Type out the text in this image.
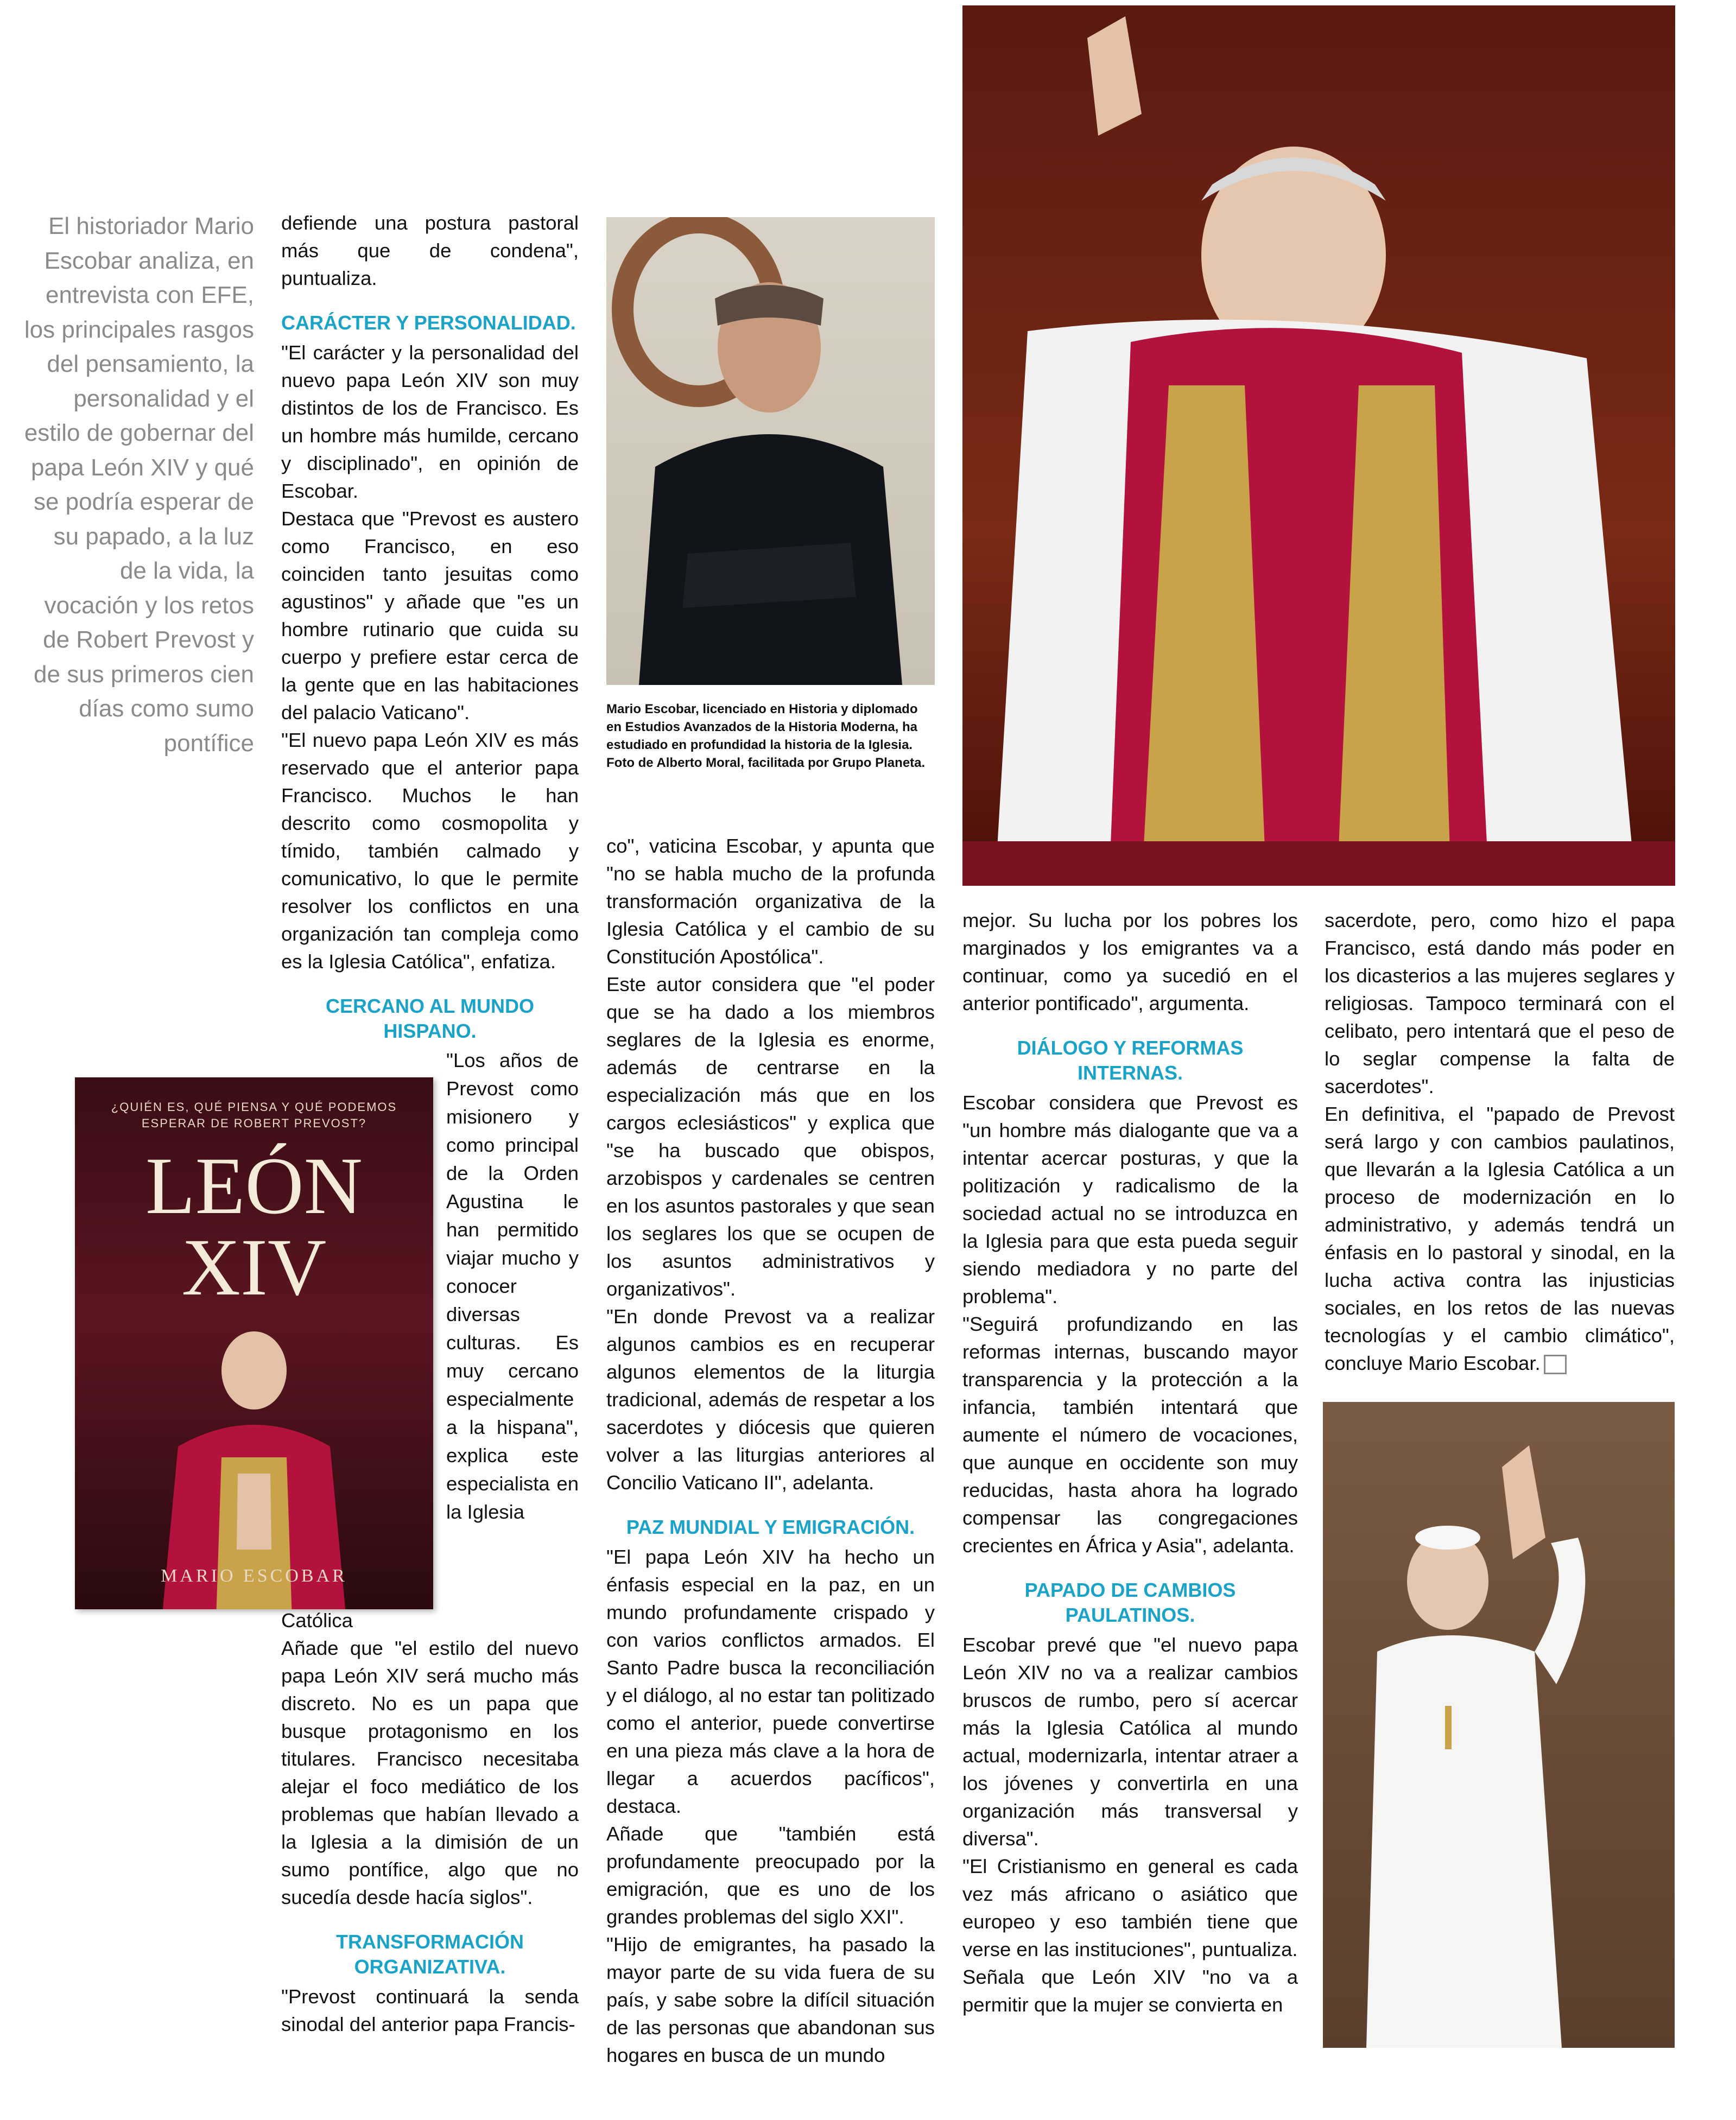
El historiador Mario Escobar analiza, en entrevista con EFE, los principales rasgos del pensamiento, la personalidad y el estilo de gobernar del papa León XIV y qué se podría esperar de su papado, a la luz de la vida, la vocación y los retos de Robert Prevost y de sus primeros cien días como sumo pontífice

defiende una postura pastoral más que de condena", puntualiza.

CARÁCTER Y PERSONALIDAD.

"El carácter y la personalidad del nuevo papa León XIV son muy distintos de los de Francisco. Es un hombre más humilde, cercano y disciplinado", en opinión de Escobar.

Destaca que "Prevost es austero como Francisco, en eso coinciden tanto jesuitas como agustinos" y añade que "es un hombre rutinario que cuida su cuerpo y prefiere estar cerca de la gente que en las habitaciones del palacio Vaticano".

"El nuevo papa León XIV es más reservado que el anterior papa Francisco. Muchos le han descrito como cosmopolita y tímido, también calmado y comunicativo, lo que le permite resolver los conflictos en una organización tan compleja como es la Iglesia Católica", enfatiza.

CERCANO AL MUNDO HISPANO.

"Los años de Prevost como misionero y como principal de la Orden Agustina le han permitido viajar mucho y conocer diversas culturas. Es muy cercano especialmente a la hispana", explica este especialista en la Iglesia

Católica

Añade que "el estilo del nuevo papa León XIV será mucho más discreto. No es un papa que busque protagonismo en los titulares. Francisco necesitaba alejar el foco mediático de los problemas que habían llevado a la Iglesia a la dimisión de un sumo pontífice, algo que no sucedía desde hacía siglos".

TRANSFORMACIÓN ORGANIZATIVA.

"Prevost continuará la senda sinodal del anterior papa Francis-

¿QUIÉN ES, QUÉ PIENSA Y QUÉ PODEMOS ESPERAR DE ROBERT PREVOST?
LEÓN
XIV
MARIO ESCOBAR
Mario Escobar, licenciado en Historia y diplomado en Estudios Avanzados de la Historia Moderna, ha estudiado en profundidad la historia de la Iglesia. Foto de Alberto Moral, facilitada por Grupo Planeta.

co", vaticina Escobar, y apunta que "no se habla mucho de la profunda transformación organizativa de la Iglesia Católica y el cambio de su Constitución Apostólica".

Este autor considera que "el poder que se ha dado a los miembros seglares de la Iglesia es enorme, además de centrarse en la especialización más que en los cargos eclesiásticos" y explica que "se ha buscado que obispos, arzobispos y cardenales se centren en los asuntos pastorales y que sean los seglares los que se ocupen de los asuntos administrativos y organizativos".

"En donde Prevost va a realizar algunos cambios es en recuperar algunos elementos de la liturgia tradicional, además de respetar a los sacerdotes y diócesis que quieren volver a las liturgias anteriores al Concilio Vaticano II", adelanta.

PAZ MUNDIAL Y EMIGRACIÓN.

"El papa León XIV ha hecho un énfasis especial en la paz, en un mundo profundamente crispado y con varios conflictos armados. El Santo Padre busca la reconciliación y el diálogo, al no estar tan politizado como el anterior, puede convertirse en una pieza más clave a la hora de llegar a acuerdos pacíficos", destaca.

Añade que "también está profundamente preocupado por la emigración, que es uno de los grandes problemas del siglo XXI".

"Hijo de emigrantes, ha pasado la mayor parte de su vida fuera de su país, y sabe sobre la difícil situación de las personas que abandonan sus hogares en busca de un mundo

mejor. Su lucha por los pobres los marginados y los emigrantes va a continuar, como ya sucedió en el anterior pontificado", argumenta.

DIÁLOGO Y REFORMAS INTERNAS.

Escobar considera que Prevost es "un hombre más dialogante que va a intentar acercar posturas, y que la politización y radicalismo de la sociedad actual no se introduzca en la Iglesia para que esta pueda seguir siendo mediadora y no parte del problema".

"Seguirá profundizando en las reformas internas, buscando mayor transparencia y la protección a la infancia, también intentará que aumente el número de vocaciones, que aunque en occidente son muy reducidas, hasta ahora ha logrado compensar las congregaciones crecientes en África y Asia", adelanta.

PAPADO DE CAMBIOS PAULATINOS.

Escobar prevé que "el nuevo papa León XIV no va a realizar cambios bruscos de rumbo, pero sí acercar más la Iglesia Católica al mundo actual, modernizarla, intentar atraer a los jóvenes y convertirla en una organización más transversal y diversa".

"El Cristianismo en general es cada vez más africano o asiático que europeo y eso también tiene que verse en las instituciones", puntualiza.

Señala que León XIV "no va a permitir que la mujer se convierta en

sacerdote, pero, como hizo el papa Francisco, está dando más poder en los dicasterios a las mujeres seglares y religiosas. Tampoco terminará con el celibato, pero intentará que el peso de lo seglar compense la falta de sacerdotes".

En definitiva, el "papado de Prevost será largo y con cambios paulatinos, que llevarán a la Iglesia Católica a un proceso de modernización en lo administrativo, y además tendrá un énfasis en lo pastoral y sinodal, en la lucha activa contra las injusticias sociales, en los retos de las nuevas tecnologías y el cambio climático", concluye Mario Escobar.
